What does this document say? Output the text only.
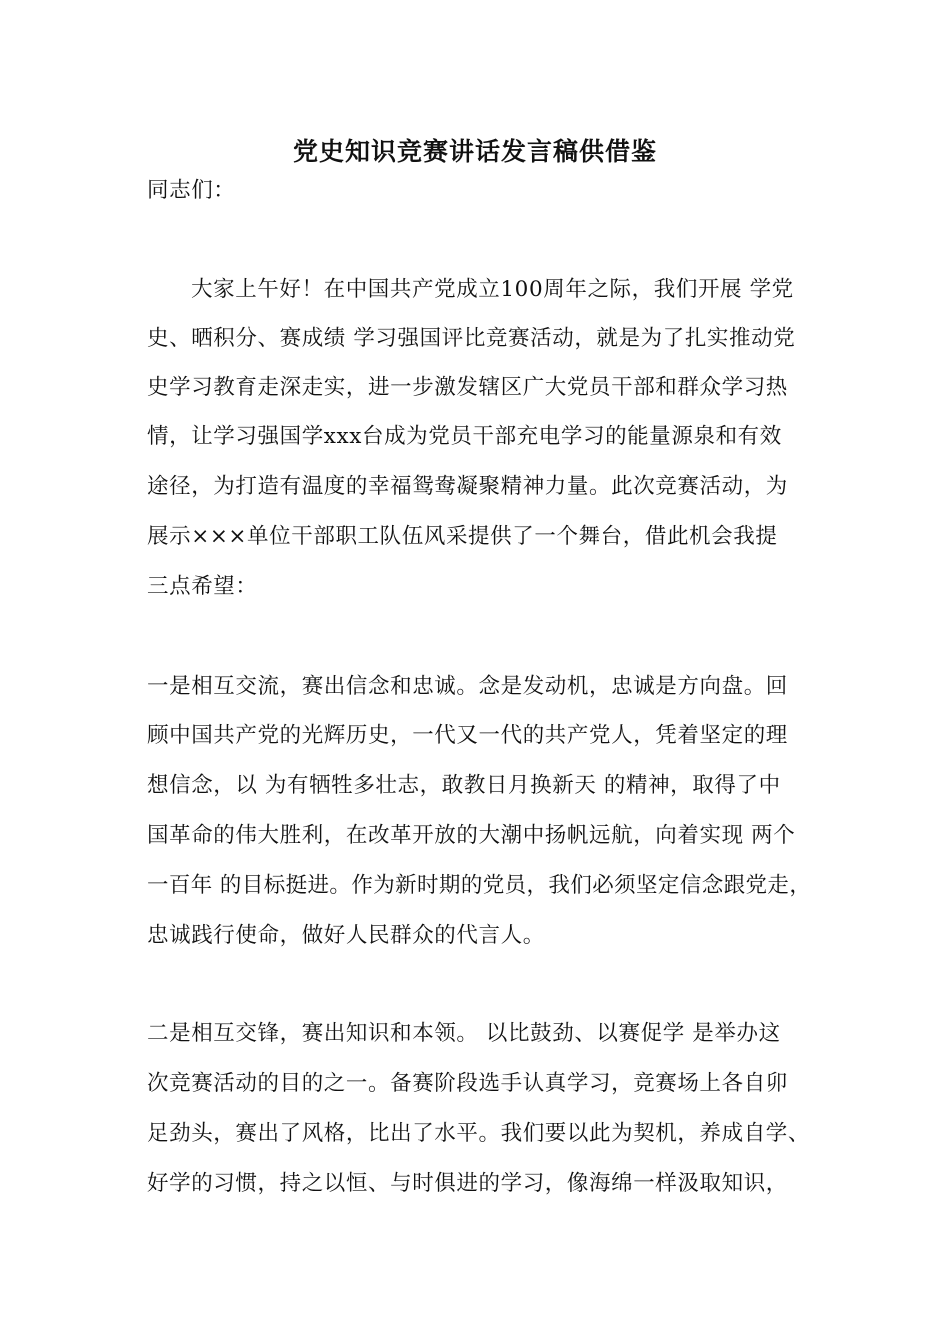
党史知识竞赛讲话发言稿供借鉴
同志们：
大家上午好！在中国共产党成立100周年之际，我们开展 学党
史、晒积分、赛成绩 学习强国评比竞赛活动，就是为了扎实推动党
史学习教育走深走实，进一步激发辖区广大党员干部和群众学习热
情，让学习强国学xxx台成为党员干部充电学习的能量源泉和有效
途径，为打造有温度的幸福鸳鸯凝聚精神力量。此次竞赛活动，为
展示×××单位干部职工队伍风采提供了一个舞台，借此机会我提
三点希望：
一是相互交流，赛出信念和忠诚。念是发动机，忠诚是方向盘。回
顾中国共产党的光辉历史，一代又一代的共产党人，凭着坚定的理
想信念，以 为有牺牲多壮志，敢教日月换新天 的精神，取得了中
国革命的伟大胜利，在改革开放的大潮中扬帆远航，向着实现 两个
一百年 的目标挺进。作为新时期的党员，我们必须坚定信念跟党走，
忠诚践行使命，做好人民群众的代言人。
二是相互交锋，赛出知识和本领。 以比鼓劲、以赛促学 是举办这
次竞赛活动的目的之一。备赛阶段选手认真学习，竞赛场上各自卯
足劲头，赛出了风格，比出了水平。我们要以此为契机，养成自学、
好学的习惯，持之以恒、与时俱进的学习，像海绵一样汲取知识，
